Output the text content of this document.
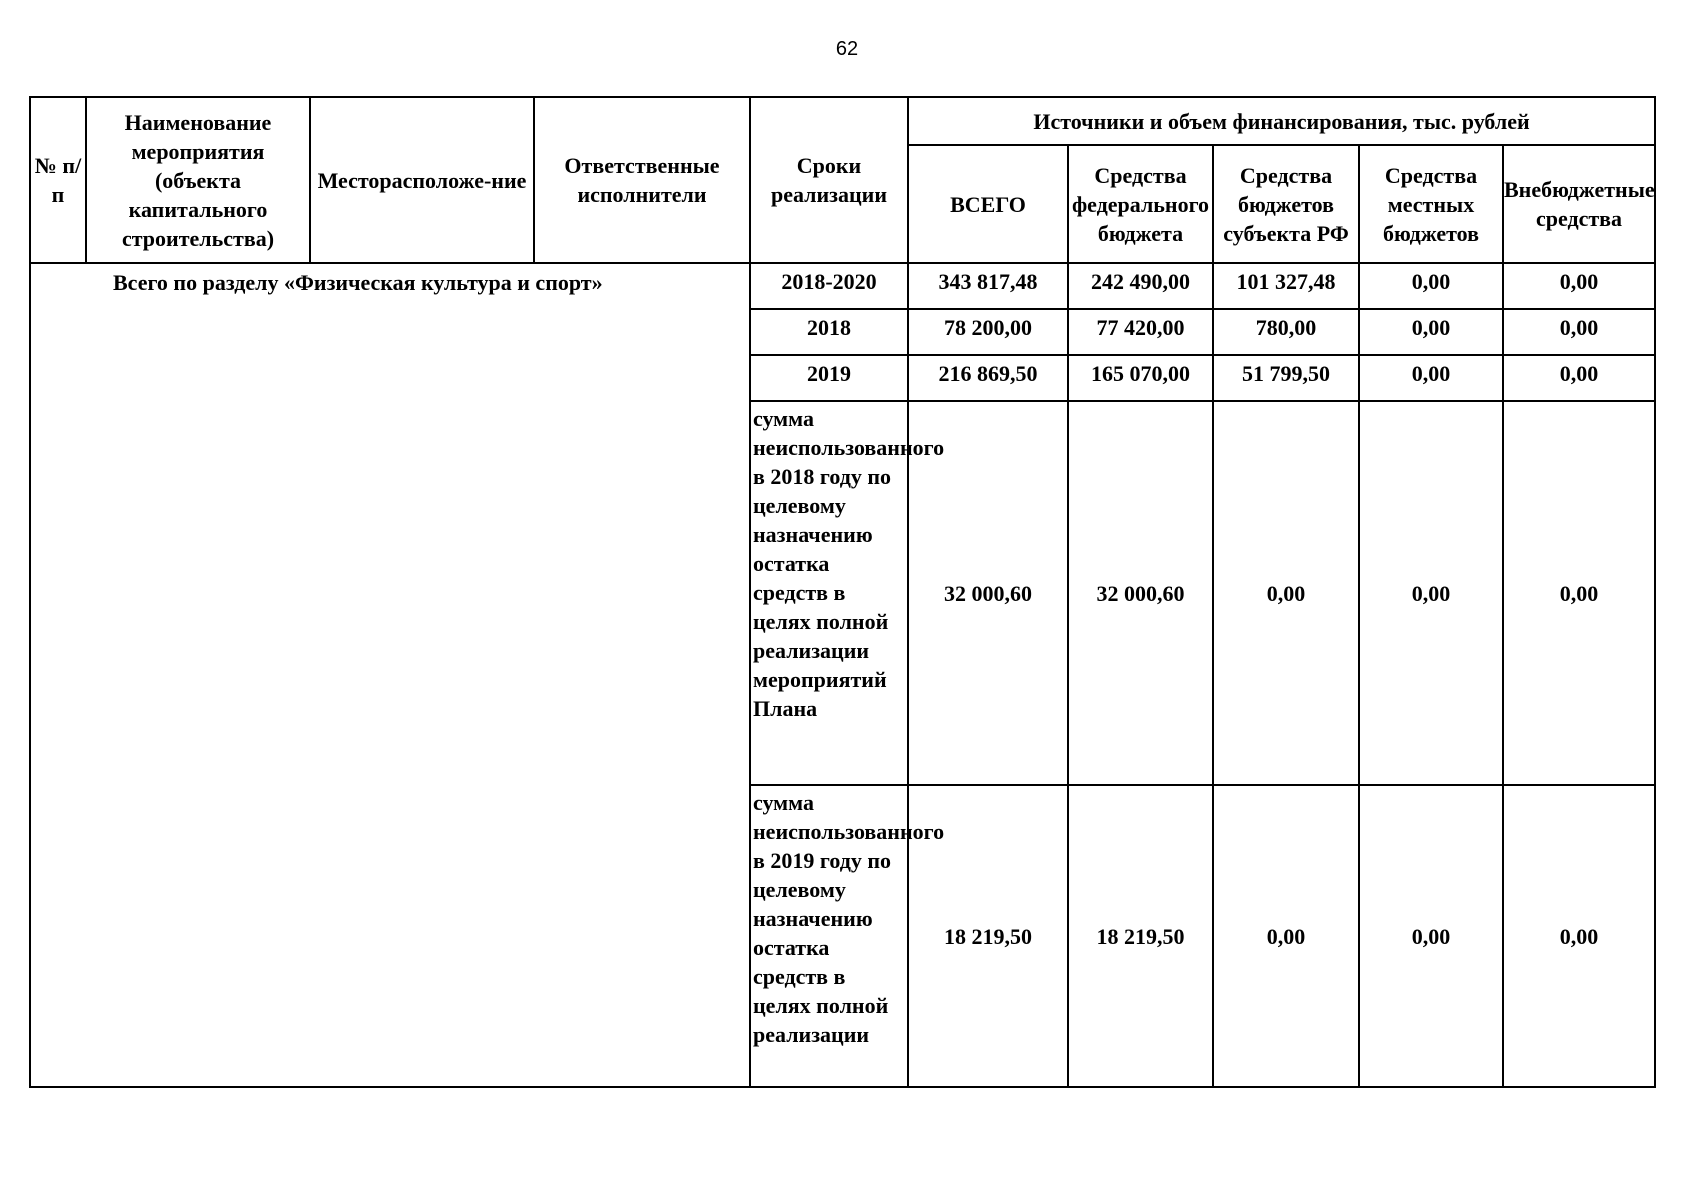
62
№ п/п	Наименование мероприятия (объекта капитального строительства)	Месторасположе-ние	Ответственные исполнители	Сроки реализации	Источники и объем финансирования, тыс. рублей				
					ВСЕГО	Средства федерального бюджета	Средства бюджетов субъекта РФ	Средства местных бюджетов	Внебюджетные средства
Всего по разделу «Физическая культура и спорт»				2018-2020	343 817,48	242 490,00	101 327,48	0,00	0,00
				2018	78 200,00	77 420,00	780,00	0,00	0,00
				2019	216 869,50	165 070,00	51 799,50	0,00	0,00
				сумма неиспользованного в 2018 году по целевому назначению остатка средств в целях полной реализации мероприятий Плана	32 000,60	32 000,60	0,00	0,00	0,00
				сумма неиспользованного в 2019 году по целевому назначению остатка средств в целях полной реализации	18 219,50	18 219,50	0,00	0,00	0,00
